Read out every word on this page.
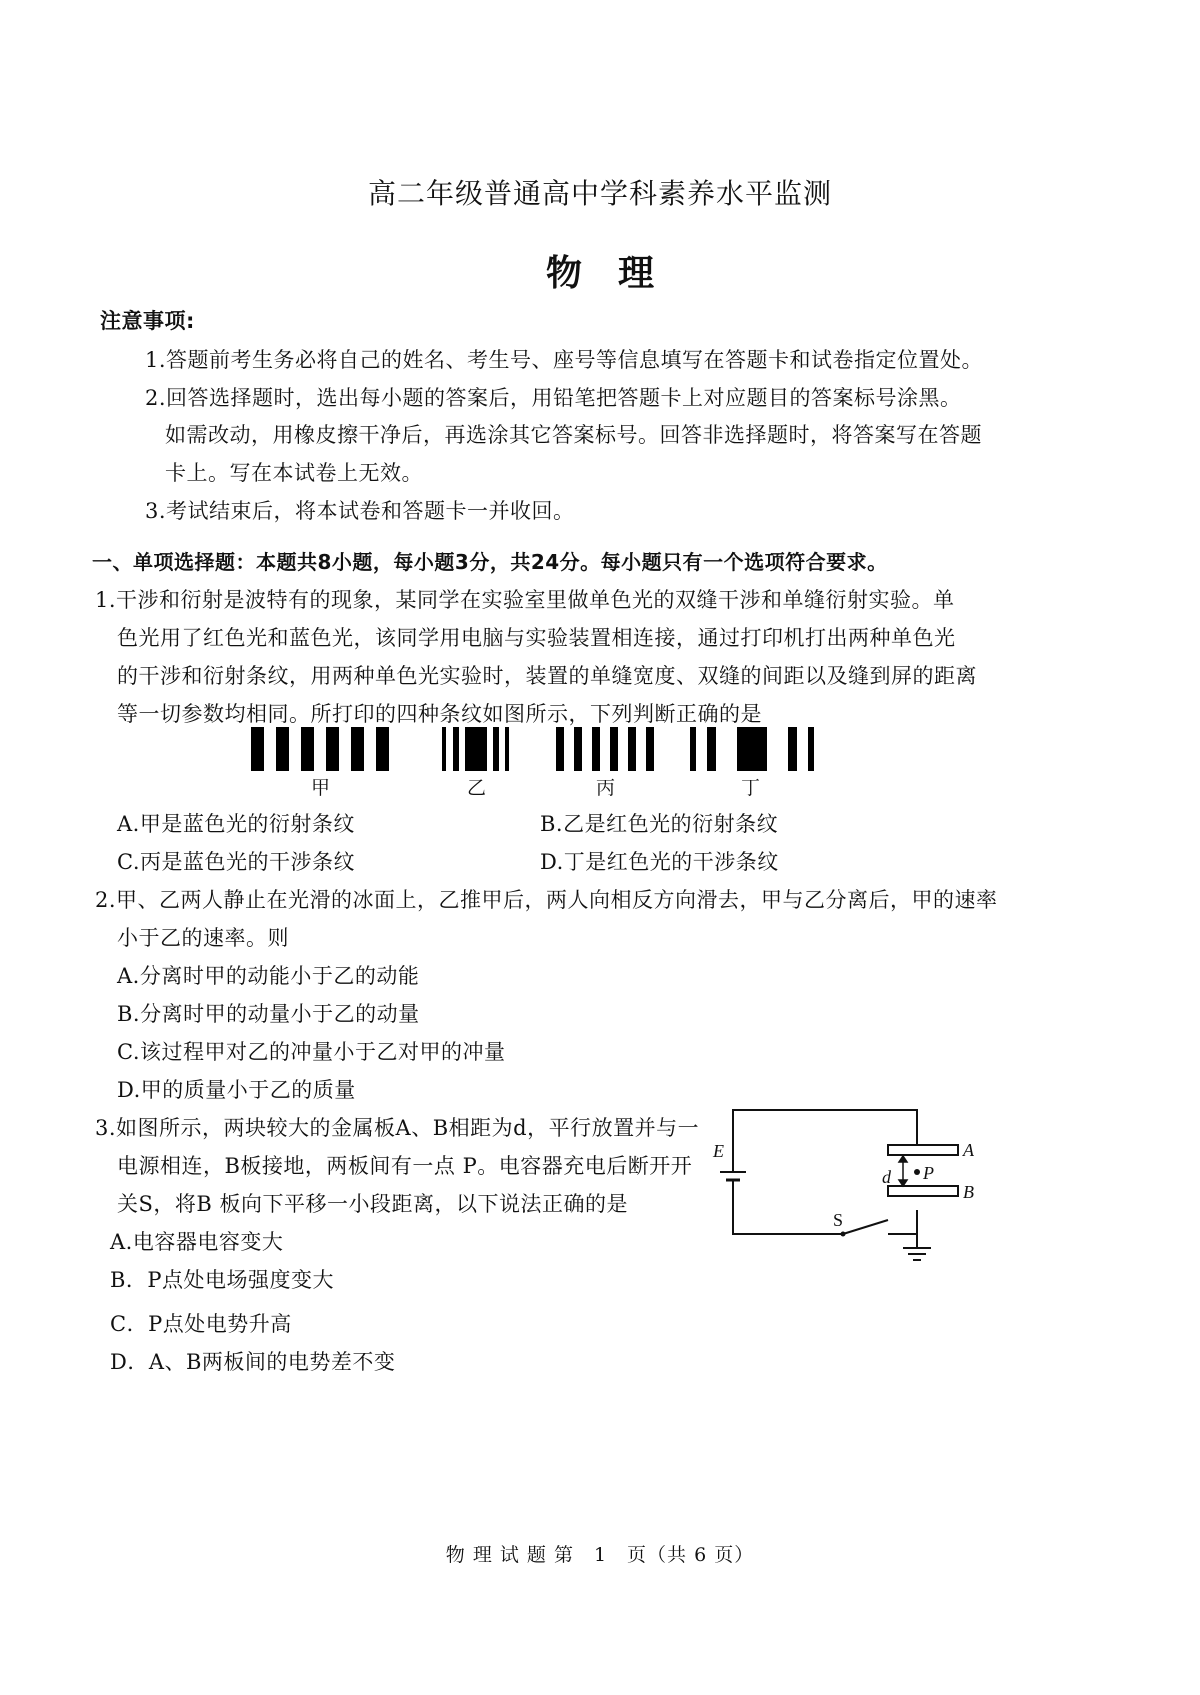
高二年级普通高中学科素养水平监测
物　理
注意事项:
1.答题前考生务必将自己的姓名、考生号、座号等信息填写在答题卡和试卷指定位置处。
2.回答选择题时，选出每小题的答案后，用铅笔把答题卡上对应题目的答案标号涂黑。
如需改动，用橡皮擦干净后，再选涂其它答案标号。回答非选择题时，将答案写在答题
卡上。写在本试卷上无效。
3.考试结束后，将本试卷和答题卡一并收回。
一、单项选择题：本题共8小题，每小题3分，共24分。每小题只有一个选项符合要求。
1.干涉和衍射是波特有的现象，某同学在实验室里做单色光的双缝干涉和单缝衍射实验。单
色光用了红色光和蓝色光，该同学用电脑与实验装置相连接，通过打印机打出两种单色光
的干涉和衍射条纹，用两种单色光实验时，装置的单缝宽度、双缝的间距以及缝到屏的距离
等一切参数均相同。所打印的四种条纹如图所示，下列判断正确的是
甲	乙	丙	丁
A.甲是蓝色光的衍射条纹	B.乙是红色光的衍射条纹
C.丙是蓝色光的干涉条纹	D.丁是红色光的干涉条纹
2.甲、乙两人静止在光滑的冰面上，乙推甲后，两人向相反方向滑去，甲与乙分离后，甲的速率
小于乙的速率。则
A.分离时甲的动能小于乙的动能
B.分离时甲的动量小于乙的动量
C.该过程甲对乙的冲量小于乙对甲的冲量
D.甲的质量小于乙的质量
3.如图所示，两块较大的金属板A、B相距为d，平行放置并与一
电源相连，B板接地，两板间有一点 P。电容器充电后断开开
关S，将B 板向下平移一小段距离，以下说法正确的是
A.电容器电容变大
B．P点处电场强度变大
C．P点处电势升高
D．A、B两板间的电势差不变
E	A
B
d P
S
物 理 试 题 第　1　页（共 6 页）
